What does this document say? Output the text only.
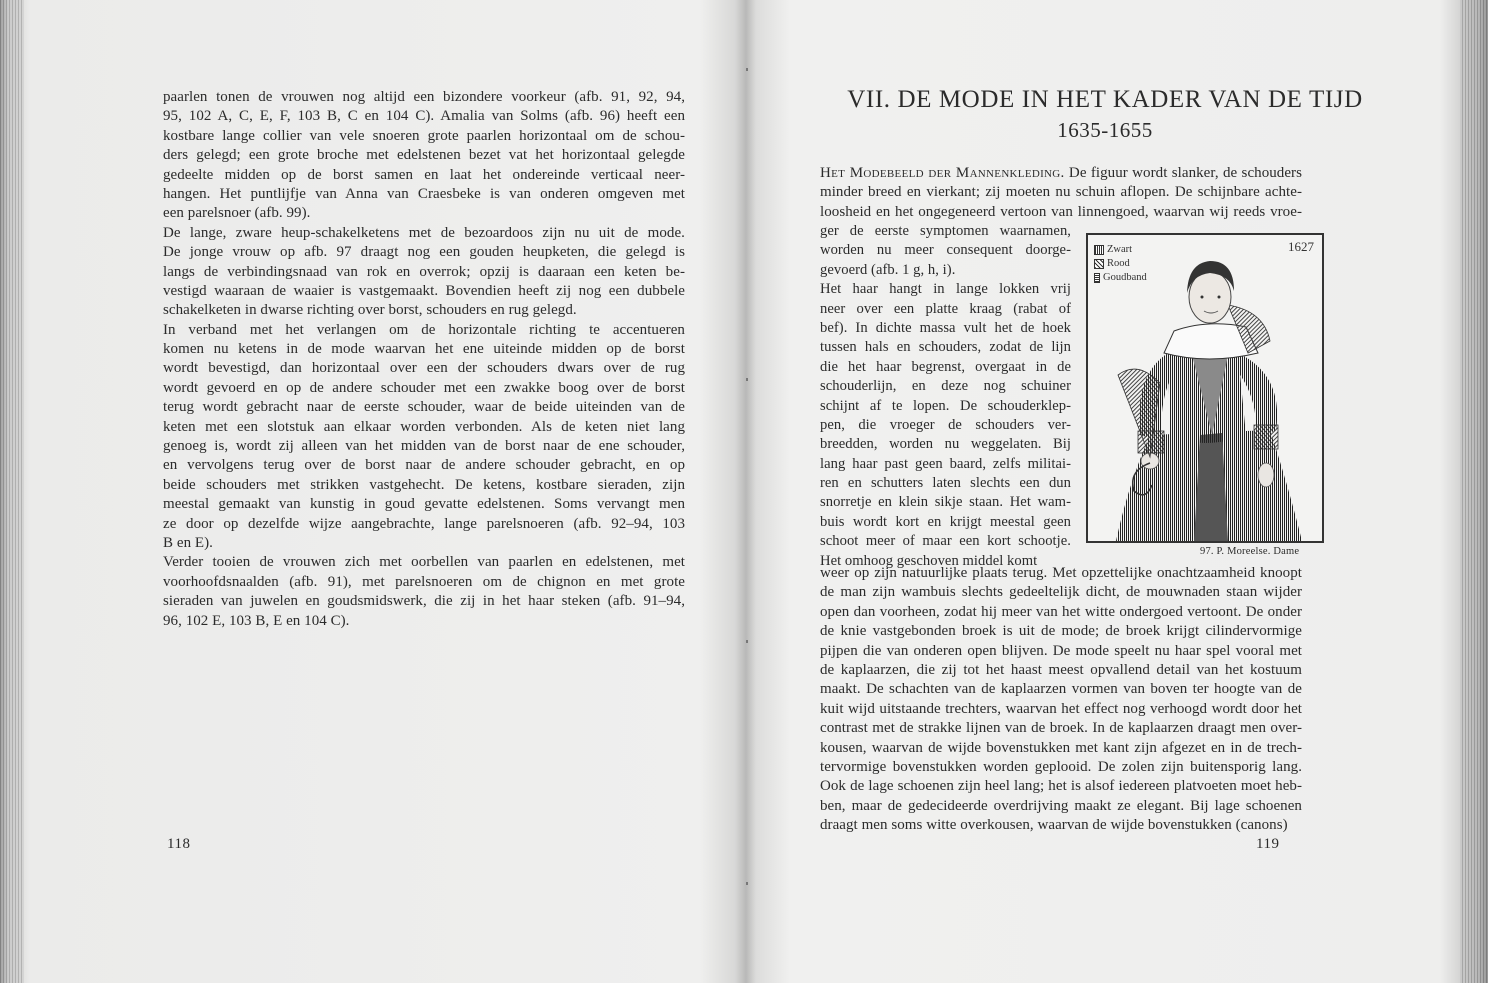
paarlen tonen de vrouwen nog altijd een bizondere voorkeur (afb. 91, 92, 94,
95, 102 A, C, E, F, 103 B, C en 104 C). Amalia van Solms (afb. 96) heeft een
kostbare lange collier van vele snoeren grote paarlen horizontaal om de schou-
ders gelegd; een grote broche met edelstenen bezet vat het horizontaal gelegde
gedeelte midden op de borst samen en laat het ondereinde verticaal neer-
hangen. Het puntlijfje van Anna van Craesbeke is van onderen omgeven met
een parelsnoer (afb. 99).
De lange, zware heup-schakelketens met de bezoardoos zijn nu uit de mode.
De jonge vrouw op afb. 97 draagt nog een gouden heupketen, die gelegd is
langs de verbindingsnaad van rok en overrok; opzij is daaraan een keten be-
vestigd waaraan de waaier is vastgemaakt. Bovendien heeft zij nog een dubbele
schakelketen in dwarse richting over borst, schouders en rug gelegd.
In verband met het verlangen om de horizontale richting te accentueren
komen nu ketens in de mode waarvan het ene uiteinde midden op de borst
wordt bevestigd, dan horizontaal over een der schouders dwars over de rug
wordt gevoerd en op de andere schouder met een zwakke boog over de borst
terug wordt gebracht naar de eerste schouder, waar de beide uiteinden van de
keten met een slotstuk aan elkaar worden verbonden. Als de keten niet lang
genoeg is, wordt zij alleen van het midden van de borst naar de ene schouder,
en vervolgens terug over de borst naar de andere schouder gebracht, en op
beide schouders met strikken vastgehecht. De ketens, kostbare sieraden, zijn
meestal gemaakt van kunstig in goud gevatte edelstenen. Soms vervangt men
ze door op dezelfde wijze aangebrachte, lange parelsnoeren (afb. 92–94, 103
B en E).
Verder tooien de vrouwen zich met oorbellen van paarlen en edelstenen, met
voorhoofdsnaalden (afb. 91), met parelsnoeren om de chignon en met grote
sieraden van juwelen en goudsmidswerk, die zij in het haar steken (afb. 91–94,
96, 102 E, 103 B, E en 104 C).
118
VII. DE MODE IN HET KADER VAN DE TIJD
1635-1655
Het Modebeeld der Mannenkleding. De figuur wordt slanker, de schouders
minder breed en vierkant; zij moeten nu schuin aflopen. De schijnbare achte-
loosheid en het ongegeneerd vertoon van linnengoed, waarvan wij reeds vroe-
ger de eerste symptomen waarnamen,
worden nu meer consequent doorge-
gevoerd (afb. 1 g, h, i).
Het haar hangt in lange lokken vrij
neer over een platte kraag (rabat of
bef). In dichte massa vult het de hoek
tussen hals en schouders, zodat de lijn
die het haar begrenst, overgaat in de
schouderlijn, en deze nog schuiner
schijnt af te lopen. De schouderklep-
pen, die vroeger de schouders ver-
breedden, worden nu weggelaten. Bij
lang haar past geen baard, zelfs militai-
ren en schutters laten slechts een dun
snorretje en klein sikje staan. Het wam-
buis wordt kort en krijgt meestal geen
schoot meer of maar een kort schootje.
Het omhoog geschoven middel komt
Zwart
Rood
Goudband
1627
97. P. Moreelse. Dame
weer op zijn natuurlijke plaats terug. Met opzettelijke onachtzaamheid knoopt
de man zijn wambuis slechts gedeeltelijk dicht, de mouwnaden staan wijder
open dan voorheen, zodat hij meer van het witte ondergoed vertoont. De onder
de knie vastgebonden broek is uit de mode; de broek krijgt cilindervormige
pijpen die van onderen open blijven. De mode speelt nu haar spel vooral met
de kaplaarzen, die zij tot het haast meest opvallend detail van het kostuum
maakt. De schachten van de kaplaarzen vormen van boven ter hoogte van de
kuit wijd uitstaande trechters, waarvan het effect nog verhoogd wordt door het
contrast met de strakke lijnen van de broek. In de kaplaarzen draagt men over-
kousen, waarvan de wijde bovenstukken met kant zijn afgezet en in de trech-
tervormige bovenstukken worden geplooid. De zolen zijn buitensporig lang.
Ook de lage schoenen zijn heel lang; het is alsof iedereen platvoeten moet heb-
ben, maar de gedecideerde overdrijving maakt ze elegant. Bij lage schoenen
draagt men soms witte overkousen, waarvan de wijde bovenstukken (canons)
119
